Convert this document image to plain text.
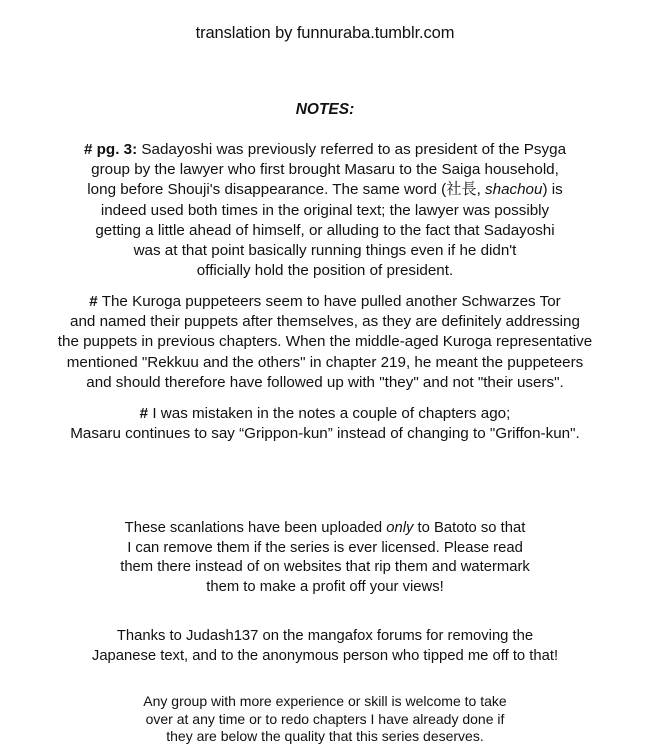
translation by funnuraba.tumblr.com
NOTES:
# pg. 3: Sadayoshi was previously referred to as president of the Psyga
group by the lawyer who first brought Masaru to the Saiga household,
long before Shouji's disappearance. The same word (社長, shachou) is
indeed used both times in the original text; the lawyer was possibly
getting a little ahead of himself, or alluding to the fact that Sadayoshi
was at that point basically running things even if he didn't
officially hold the position of president.
# The Kuroga puppeteers seem to have pulled another Schwarzes Tor
and named their puppets after themselves, as they are definitely addressing
the puppets in previous chapters. When the middle-aged Kuroga representative
mentioned "Rekkuu and the others" in chapter 219, he meant the puppeteers
and should therefore have followed up with "they" and not "their users".
# I was mistaken in the notes a couple of chapters ago;
Masaru continues to say “Grippon-kun” instead of changing to "Griffon-kun".
These scanlations have been uploaded only to Batoto so that
I can remove them if the series is ever licensed. Please read
them there instead of on websites that rip them and watermark
them to make a profit off your views!
Thanks to Judash137 on the mangafox forums for removing the
Japanese text, and to the anonymous person who tipped me off to that!
Any group with more experience or skill is welcome to take
over at any time or to redo chapters I have already done if
they are below the quality that this series deserves.
